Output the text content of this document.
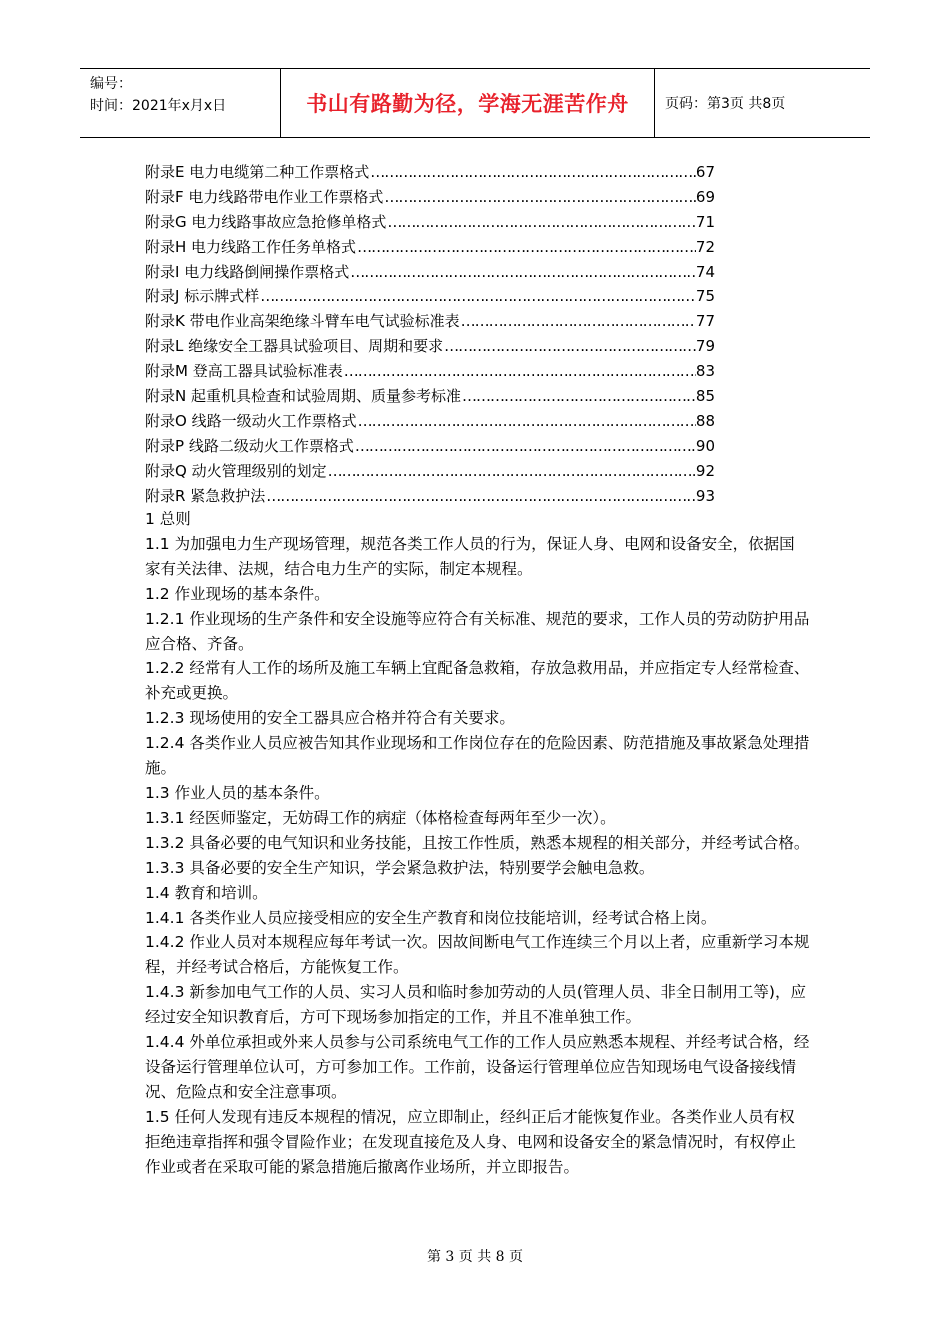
编号：
时间：2021年x月x日	书山有路勤为径，学海无涯苦作舟	页码：第3页 共8页
附录E 电力电缆第二种工作票格式 ……………………………………………………………………………………………………………………………	67
附录F 电力线路带电作业工作票格式 ……………………………………………………………………………………………………………………………	69
附录G 电力线路事故应急抢修单格式 ……………………………………………………………………………………………………………………………	71
附录H 电力线路工作任务单格式 ……………………………………………………………………………………………………………………………	72
附录I 电力线路倒闸操作票格式 ……………………………………………………………………………………………………………………………	74
附录J 标示牌式样 ……………………………………………………………………………………………………………………………	75
附录K 带电作业高架绝缘斗臂车电气试验标准表 ……………………………………………………………………………………………………………………………	77
附录L 绝缘安全工器具试验项目、周期和要求 ……………………………………………………………………………………………………………………………	79
附录M 登高工器具试验标准表 ……………………………………………………………………………………………………………………………	83
附录N 起重机具检查和试验周期、质量参考标准 ……………………………………………………………………………………………………………………………	85
附录O 线路一级动火工作票格式 ……………………………………………………………………………………………………………………………	88
附录P 线路二级动火工作票格式 ……………………………………………………………………………………………………………………………	90
附录Q 动火管理级别的划定 ……………………………………………………………………………………………………………………………	92
附录R 紧急救护法 ……………………………………………………………………………………………………………………………	93

1 总则

1.1 为加强电力生产现场管理，规范各类工作人员的行为，保证人身、电网和设备安全，依据国家有关法律、法规，结合电力生产的实际，制定本规程。

1.2 作业现场的基本条件。

1.2.1 作业现场的生产条件和安全设施等应符合有关标准、规范的要求，工作人员的劳动防护用品应合格、齐备。

1.2.2 经常有人工作的场所及施工车辆上宜配备急救箱，存放急救用品，并应指定专人经常检查、补充或更换。

1.2.3 现场使用的安全工器具应合格并符合有关要求。

1.2.4 各类作业人员应被告知其作业现场和工作岗位存在的危险因素、防范措施及事故紧急处理措施。

1.3 作业人员的基本条件。

1.3.1 经医师鉴定，无妨碍工作的病症（体格检查每两年至少一次）。

1.3.2 具备必要的电气知识和业务技能，且按工作性质，熟悉本规程的相关部分，并经考试合格。

1.3.3 具备必要的安全生产知识，学会紧急救护法，特别要学会触电急救。

1.4 教育和培训。

1.4.1 各类作业人员应接受相应的安全生产教育和岗位技能培训，经考试合格上岗。

1.4.2 作业人员对本规程应每年考试一次。因故间断电气工作连续三个月以上者，应重新学习本规程，并经考试合格后，方能恢复工作。

1.4.3 新参加电气工作的人员、实习人员和临时参加劳动的人员(管理人员、非全日制用工等)，应经过安全知识教育后，方可下现场参加指定的工作，并且不准单独工作。

1.4.4 外单位承担或外来人员参与公司系统电气工作的工作人员应熟悉本规程、并经考试合格，经设备运行管理单位认可，方可参加工作。工作前，设备运行管理单位应告知现场电气设备接线情况、危险点和安全注意事项。

1.5 任何人发现有违反本规程的情况，应立即制止，经纠正后才能恢复作业。各类作业人员有权拒绝违章指挥和强令冒险作业；在发现直接危及人身、电网和设备安全的紧急情况时，有权停止作业或者在采取可能的紧急措施后撤离作业场所，并立即报告。

第 3 页 共 8 页
